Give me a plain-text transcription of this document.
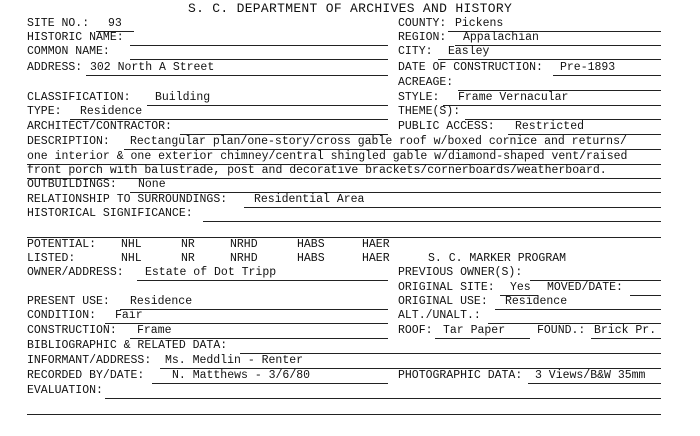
S. C. DEPARTMENT OF ARCHIVES AND HISTORY
SITE NO.: 93	COUNTY: Pickens
HISTORIC NAME:	REGION: Appalachian
COMMON NAME:	CITY: Easley
ADDRESS: 302 North A Street	DATE OF CONSTRUCTION: Pre-1893
ACREAGE:
CLASSIFICATION: Building	STYLE: Frame Vernacular
TYPE: Residence	THEME(S):
ARCHITECT/CONTRACTOR:	PUBLIC ACCESS: Restricted
DESCRIPTION: Rectangular plan/one-story/cross gable roof w/boxed cornice and returns/
one interior & one exterior chimney/central shingled gable w/diamond-shaped vent/raised
front porch with balustrade, post and decorative brackets/cornerboards/weatherboard.
OUTBUILDINGS: None
RELATIONSHIP TO SURROUNDINGS: Residential Area
HISTORICAL SIGNIFICANCE:
POTENTIAL: NHL	NR	NRHD	HABS	HAER
LISTED:	NHL	NR	NRHD	HABS	HAER	S. C. MARKER PROGRAM
OWNER/ADDRESS: Estate of Dot Tripp	PREVIOUS OWNER(S):
ORIGINAL SITE: Yes MOVED/DATE:
PRESENT USE: Residence	ORIGINAL USE: Residence
CONDITION: Fair	ALT./UNALT.:
CONSTRUCTION: Frame	ROOF: Tar Paper	FOUND.: Brick Pr.
BIBLIOGRAPHIC & RELATED DATA:
INFORMANT/ADDRESS: Ms. Meddlin - Renter
RECORDED BY/DATE: N. Matthews - 3/6/80	PHOTOGRAPHIC DATA: 3 Views/B&W 35mm
EVALUATION:
